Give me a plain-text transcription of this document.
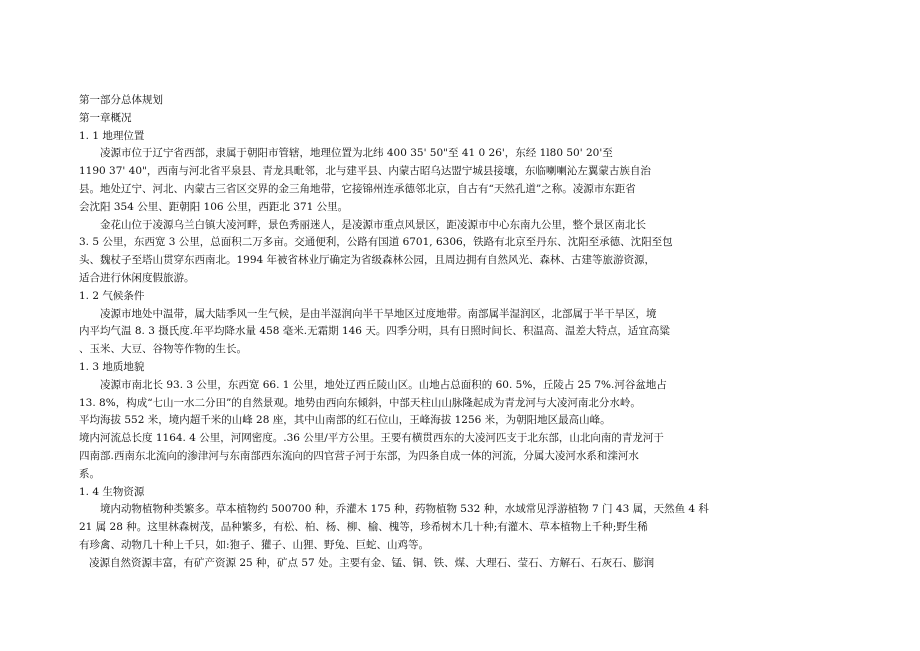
第一部分总体规划
第一章概况
1. 1 地理位置
凌源市位于辽宁省西部，隶属于朝阳市管辖，地理位置为北纬 400 35' 50"至 41 0 26'，东经 1l80 50' 20'至
1190 37' 40"，西南与河北省平泉县、青龙具毗邻，北与建平县、内蒙古昭乌达盟宁城县接壤，东临喇喇沁左翼蒙古族自治
县。地处辽宁、河北、内蒙古三省区交界的金三角地带，它接锦州连承德邻北京，自古有“天然孔道”之称。凌源市东距省
会沈阳 354 公里、距朝阳 106 公里，西距北 371 公里。
金花山位于凌源乌兰白镇大凌河畔，景色秀丽迷人，是凌源市重点风景区，距凌源市中心东南九公里，整个景区南北长
3. 5 公里，东西宽 3 公里，总面积二万多亩。交通便利，公路有国道 6701, 6306，铁路有北京至丹东、沈阳至承德、沈阳至包
头、魏杖子至塔山贯穿东西南北。1994 年被省林业厅确定为省级森林公园，且周边拥有自然风光、森林、古建等旅游资源，
适合进行休闲度假旅游。
1. 2 气候条件
凌源市地处中温带，属大陆季风一生气候，是由半湿润向半干旱地区过度地带。南部属半湿润区，北部属于半干旱区，境
内平均气温 8. 3 摄氏度.年平均降水量 458 毫米.无霜期 146 天。四季分明，具有日照时间长、积温高、温差大特点，适宜高粱
、玉米、大豆、谷物等作物的生长。
1. 3 地质地貌
凌源市南北长 93. 3 公里，东西宽 66. 1 公里，地处辽西丘陵山区。山地占总面积的 60. 5%，丘陵占 25 7%.河谷盆地占
13. 8%，构成“七山一水二分田”的自然景观。地势由西向东倾斜，中部天柱山山脉隆起成为青龙河与大凌河南北分水岭。
平均海拔 552 米，境内超千米的山峰 28 座，其中山南部的红石位山，王峰海拔 1256 米，为朝阳地区最高山峰。
境内河流总长度 1164. 4 公里，河网密度。.36 公里/平方公里。王要有横贯西东的大凌河匹支于北东部，山北向南的青龙河于
四南部.西南东北流向的渗津河与东南部西东流向的四官营子河于东部，为四条自成一体的河流，分属大凌河水系和滦河水
系。
1. 4 生物资源
境内动物植物种类繁多。草本植物约 500700 种，乔灌木 175 种，药物植物 532 种，水域常见浮游植物 7 门 43 属，天然鱼 4 科
21 属 28 种。这里林森树茂，品种繁多，有松、柏、杨、柳、榆、槐等，珍希树木几十种;有灌木、草本植物上千种;野生稀
有珍禽、动物几十种上千只，如:狍子、獾子、山狸、野兔、巨蛇、山鸡等。
凌源自然资源丰富，有矿产资源 25 种，矿点 57 处。主要有金、锰、铜、铁、煤、大理石、莹石、方解石、石灰石、膨润
